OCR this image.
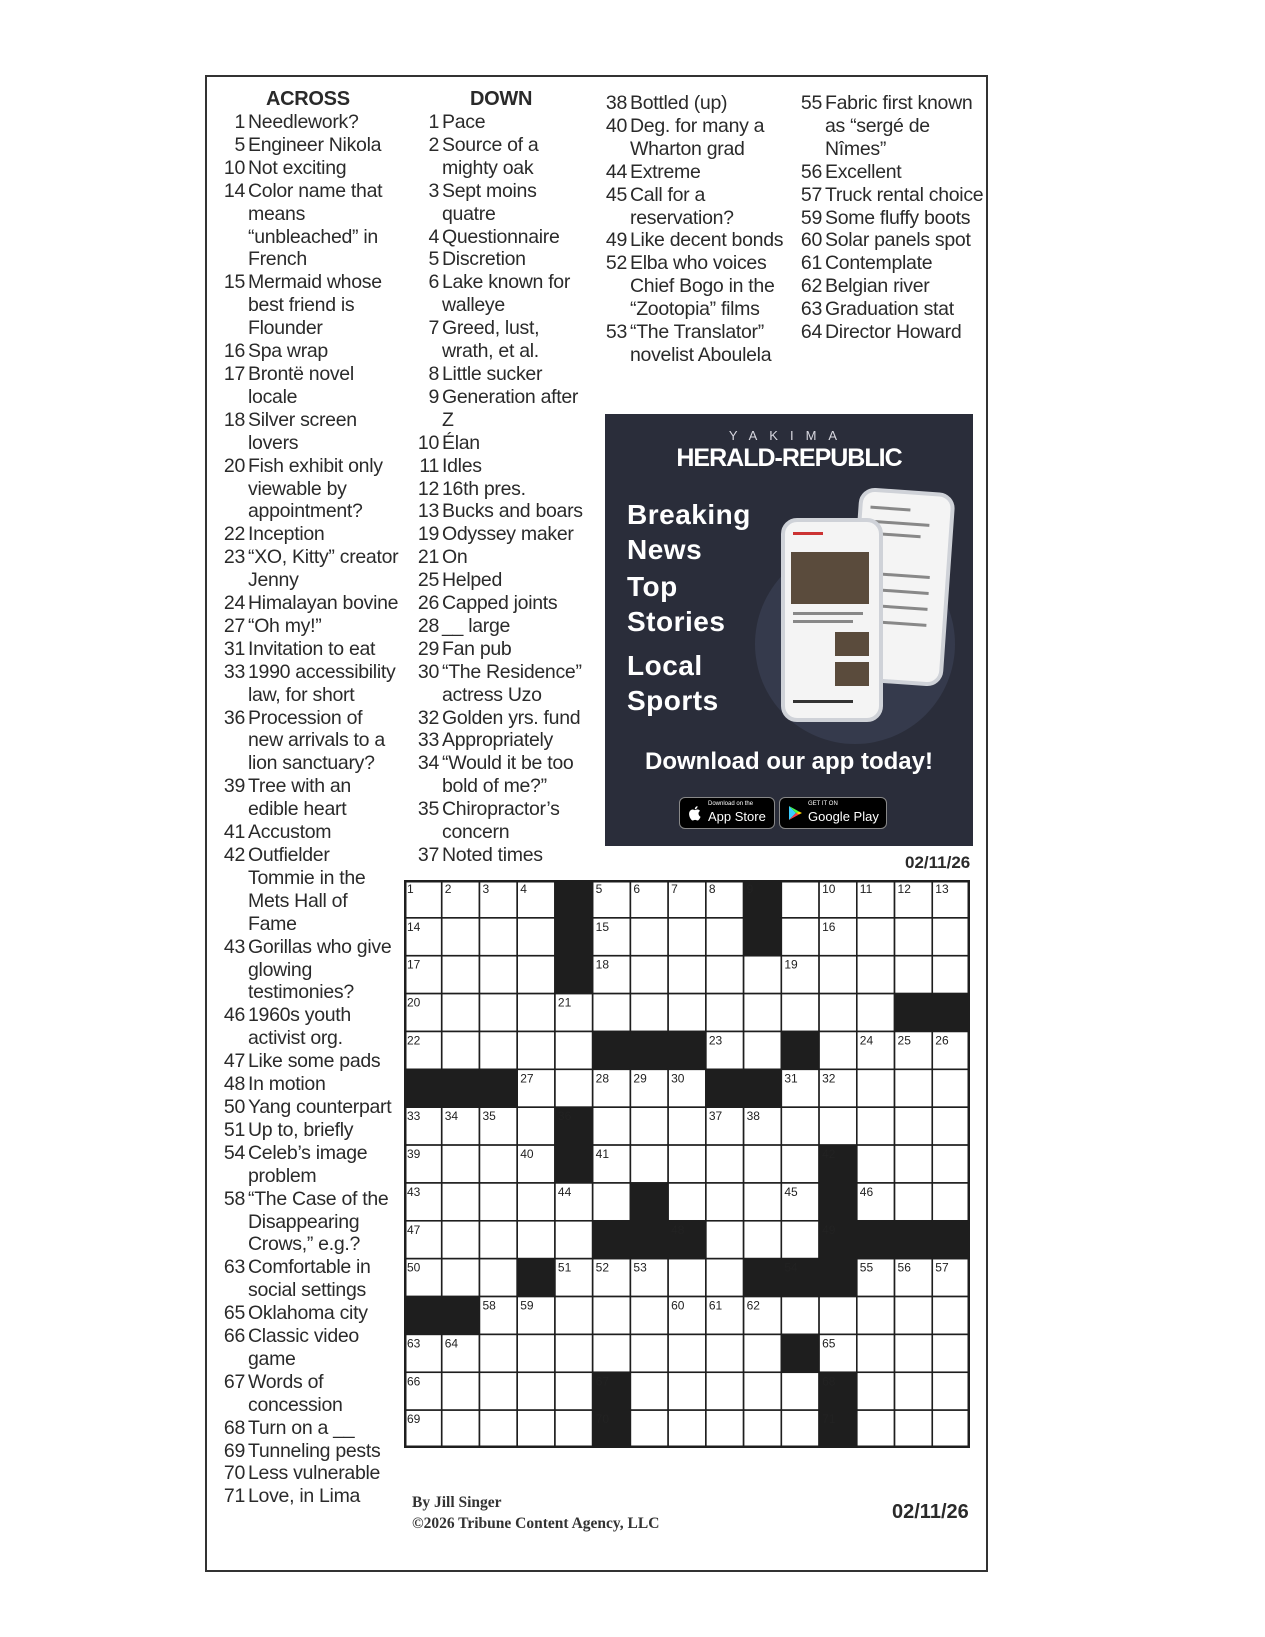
ACROSS
1 Needlework?
5 Engineer Nikola
10 Not exciting
14 Color name that means “unbleached” in French
15 Mermaid whose best friend is Flounder
16 Spa wrap
17 Brontë novel locale
18 Silver screen lovers
20 Fish exhibit only viewable by appointment?
22 Inception
23 “XO, Kitty” creator Jenny
24 Himalayan bovine
27 “Oh my!”
31 Invitation to eat
33 1990 accessibility law, for short
36 Procession of new arrivals to a lion sanctuary?
39 Tree with an edible heart
41 Accustom
42 Outfielder Tommie in the Mets Hall of Fame
43 Gorillas who give glowing testimonies?
46 1960s youth activist org.
47 Like some pads
48 In motion
50 Yang counterpart
51 Up to, briefly
54 Celeb’s image problem
58 “The Case of the Disappearing Crows,” e.g.?
63 Comfortable in social settings
65 Oklahoma city
66 Classic video game
67 Words of concession
68 Turn on a __
69 Tunneling pests
70 Less vulnerable
71 Love, in Lima
DOWN
1 Pace
2 Source of a mighty oak
3 Sept moins quatre
4 Questionnaire
5 Discretion
6 Lake known for walleye
7 Greed, lust, wrath, et al.
8 Little sucker
9 Generation after Z
10 Élan
11 Idles
12 16th pres.
13 Bucks and boars
19 Odyssey maker
21 On
25 Helped
26 Capped joints
28 __ large
29 Fan pub
30 “The Residence” actress Uzo
32 Golden yrs. fund
33 Appropriately
34 “Would it be too bold of me?”
35 Chiropractor’s concern
37 Noted times
38 Bottled (up)
40 Deg. for many a Wharton grad
44 Extreme
45 Call for a reservation?
49 Like decent bonds
52 Elba who voices Chief Bogo in the “Zootopia” films
53 “The Translator” novelist Aboulela
55 Fabric first known as “sergé de Nîmes”
56 Excellent
57 Truck rental choice
59 Some fluffy boots
60 Solar panels spot
61 Contemplate
62 Belgian river
63 Graduation stat
64 Director Howard
YAKIMA
HERALD-REPUBLIC
Breaking News
Top Stories
Local Sports
Download our app today!
Download on the
App Store
GET IT ON
Google Play
02/11/26
1	2	3	4	5	6	7	8	9	10 11 12 13
14	15	16
17	18	19
20	21
22	23	24 25 26
27	28 29 30	31 32
33 34 35	36	37 38
39	40	41	42
43	44	45	46
47	48	49
50	51 52 53	54	55 56 57
58 59	60 61 62
63 64	65
66	67	68
69	70	71
By Jill Singer
©2026 Tribune Content Agency, LLC
02/11/26
